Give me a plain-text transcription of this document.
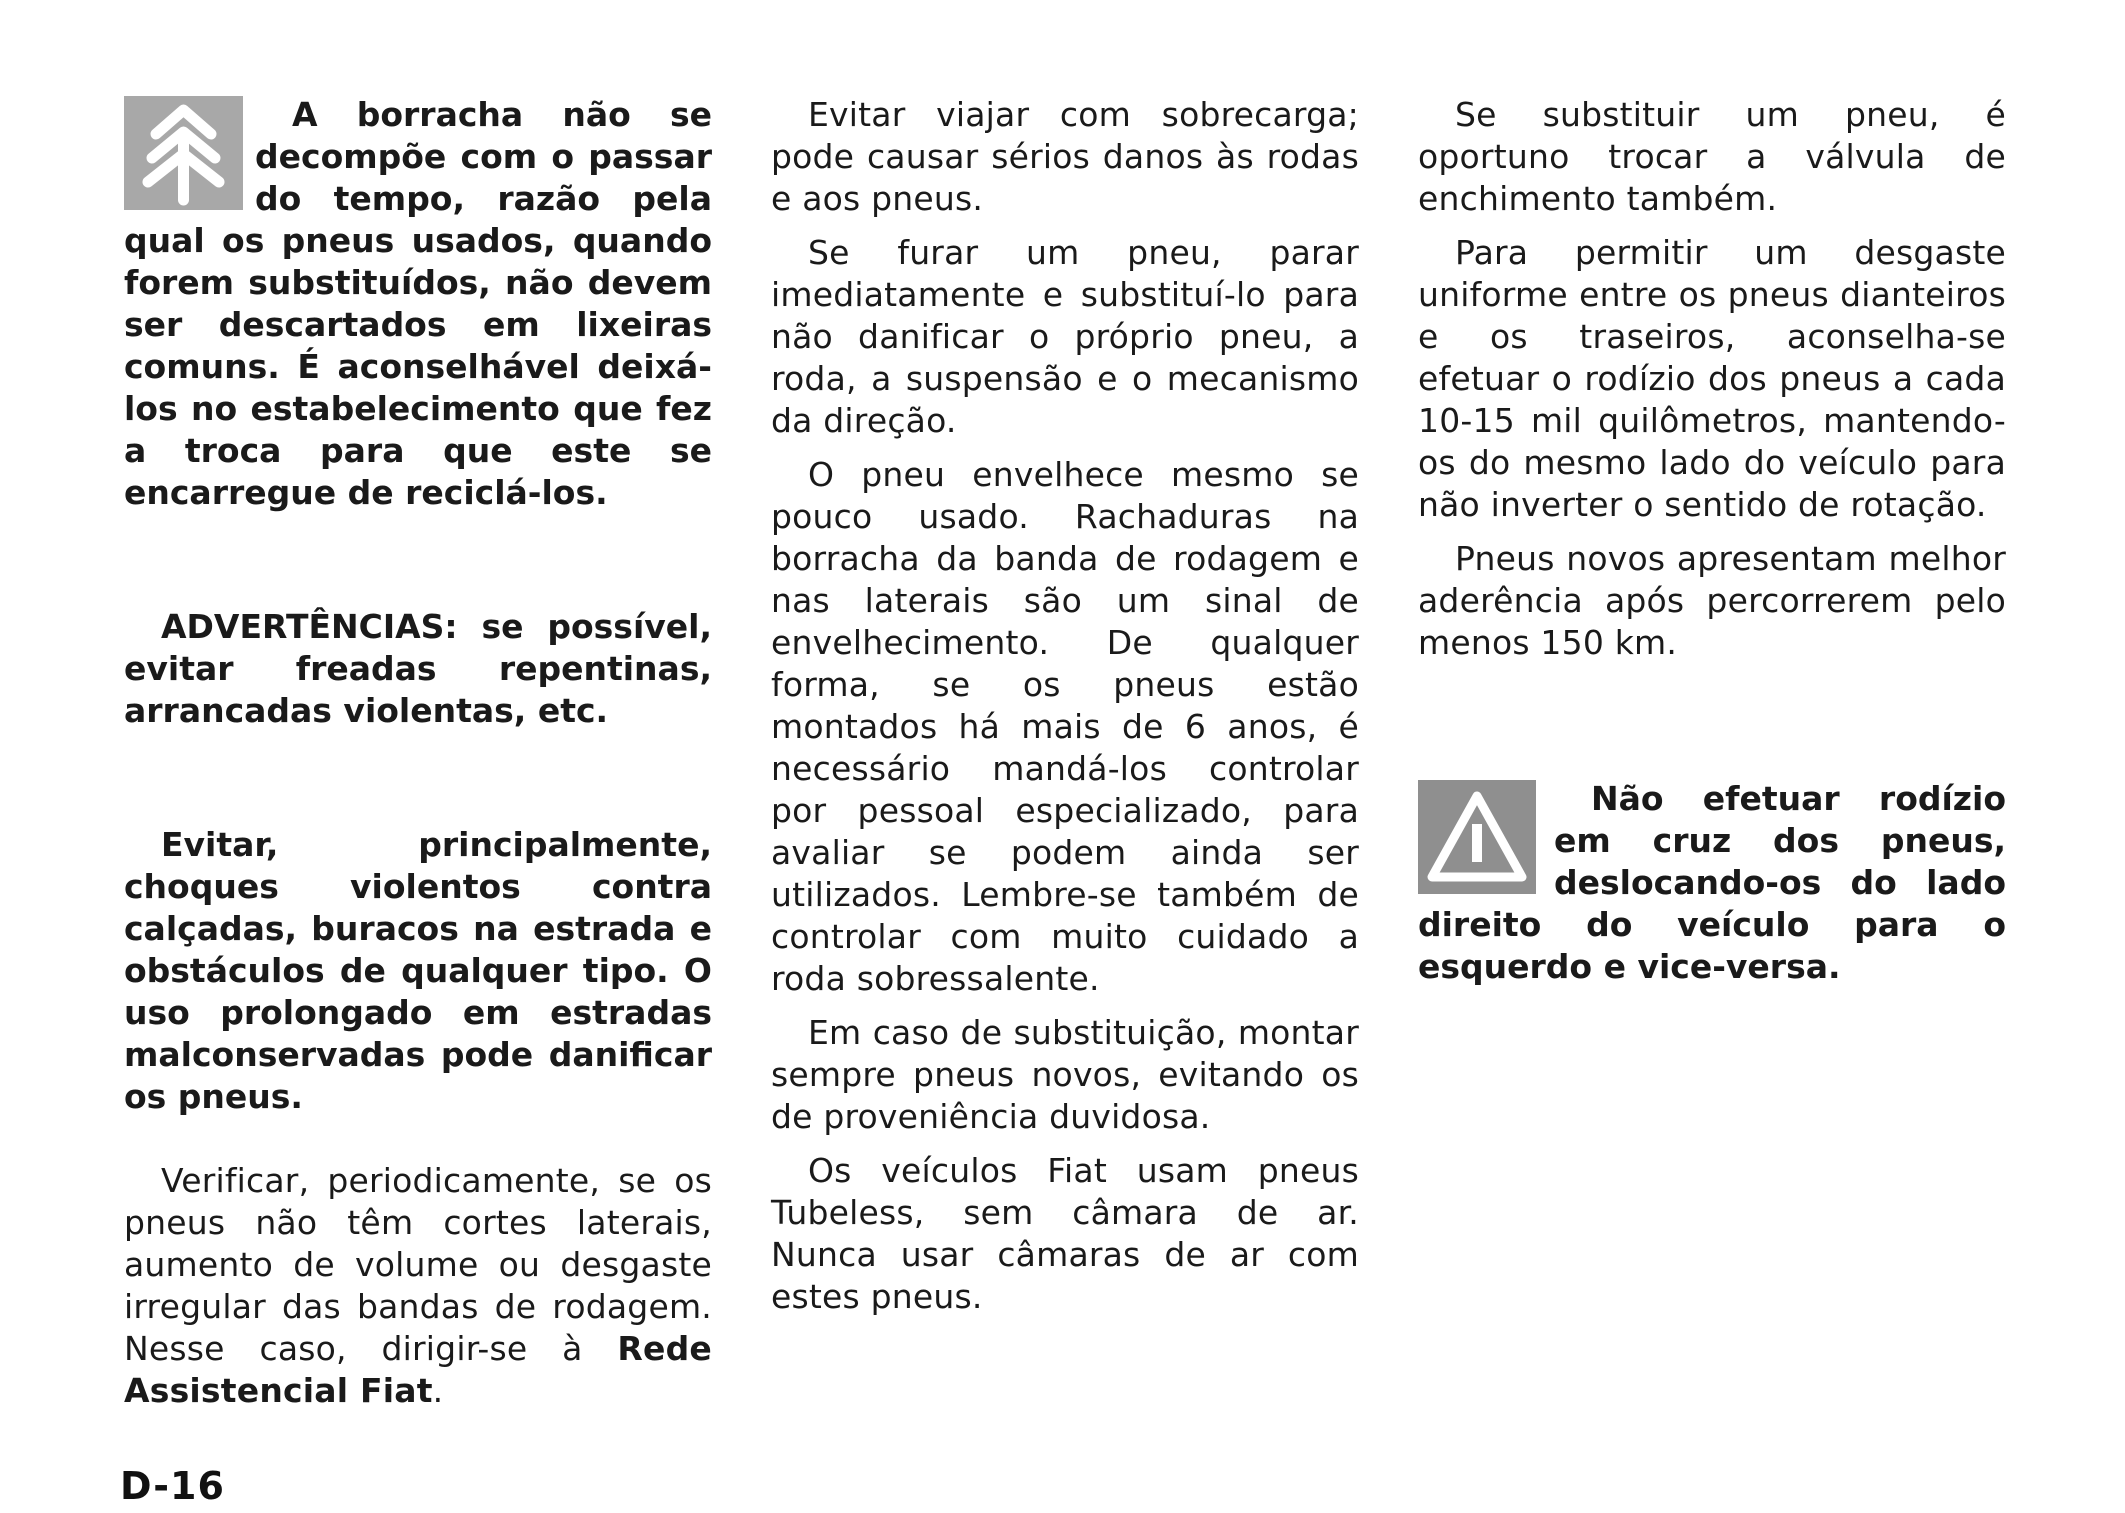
A borracha não se decompõe com o passar do tempo, razão pela qual os pneus usados, quando forem substituídos, não devem ser descartados em lixeiras comuns. É aconselhável deixá-los no estabelecimento que fez a troca para que este se encarregue de reciclá-los.

ADVERTÊNCIAS: se possível, evitar freadas repentinas, arrancadas violentas, etc.

Evitar, principalmente, choques violentos contra calçadas, buracos na estrada e obstáculos de qualquer tipo. O uso prolongado em estradas malconservadas pode danificar os pneus.

Verificar, periodicamente, se os pneus não têm cortes laterais, aumento de volume ou desgaste irregular das bandas de rodagem. Nesse caso, dirigir-se à Rede Assistencial Fiat.

Evitar viajar com sobrecarga; pode causar sérios danos às rodas e aos pneus.

Se furar um pneu, parar imediatamente e substituí-lo para não danificar o próprio pneu, a roda, a suspensão e o mecanismo da direção.

O pneu envelhece mesmo se pouco usado. Rachaduras na borracha da banda de rodagem e nas laterais são um sinal de envelhecimento. De qualquer forma, se os pneus estão montados há mais de 6 anos, é necessário mandá-los controlar por pessoal especializado, para avaliar se podem ainda ser utilizados. Lembre-se também de controlar com muito cuidado a roda sobressalente.

Em caso de substituição, montar sempre pneus novos, evitando os de proveniência duvidosa.

Os veículos Fiat usam pneus Tubeless, sem câmara de ar. Nunca usar câmaras de ar com estes pneus.

Se substituir um pneu, é oportuno trocar a válvula de enchimento também.

Para permitir um desgaste uniforme entre os pneus dianteiros e os traseiros, aconselha-se efetuar o rodízio dos pneus a cada 10-15 mil quilômetros, mantendo-os do mesmo lado do veículo para não inverter o sentido de rotação.

Pneus novos apresentam melhor aderência após percorrerem pelo menos 150 km.

Não efetuar rodízio em cruz dos pneus, deslocando-os do lado direito do veículo para o esquerdo e vice-versa.

D-16
